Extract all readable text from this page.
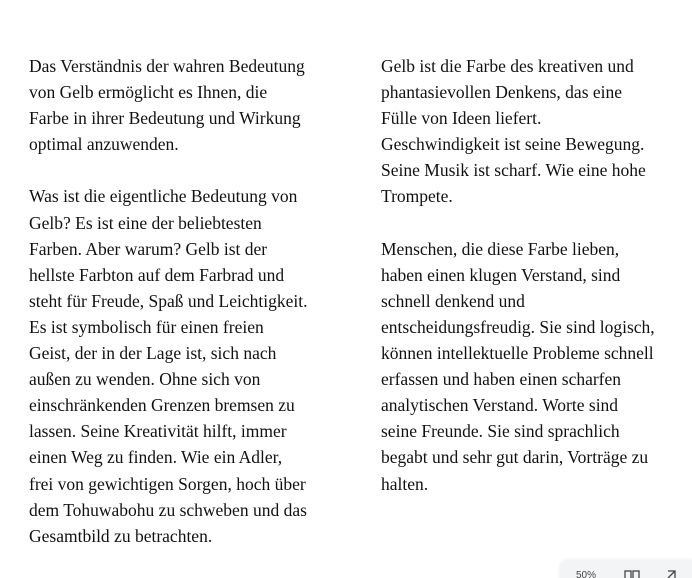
Das Verständnis der wahren Bedeutung
von Gelb ermöglicht es Ihnen, die
Farbe in ihrer Bedeutung und Wirkung
optimal anzuwenden.

Was ist die eigentliche Bedeutung von
Gelb? Es ist eine der beliebtesten
Farben. Aber warum? Gelb ist der
hellste Farbton auf dem Farbrad und
steht für Freude, Spaß und Leichtigkeit.
Es ist symbolisch für einen freien
Geist, der in der Lage ist, sich nach
außen zu wenden. Ohne sich von
einschränkenden Grenzen bremsen zu
lassen. Seine Kreativität hilft, immer
einen Weg zu finden. Wie ein Adler,
frei von gewichtigen Sorgen, hoch über
dem Tohuwabohu zu schweben und das
Gesamtbild zu betrachten.

Gelb ist die Farbe des kreativen und
phantasievollen Denkens, das eine
Fülle von Ideen liefert.
Geschwindigkeit ist seine Bewegung.
Seine Musik ist scharf. Wie eine hohe
Trompete.

Menschen, die diese Farbe lieben,
haben einen klugen Verstand, sind
schnell denkend und
entscheidungsfreudig. Sie sind logisch,
können intellektuelle Probleme schnell
erfassen und haben einen scharfen
analytischen Verstand. Worte sind
seine Freunde. Sie sind sprachlich
begabt und sehr gut darin, Vorträge zu
halten.

50%
